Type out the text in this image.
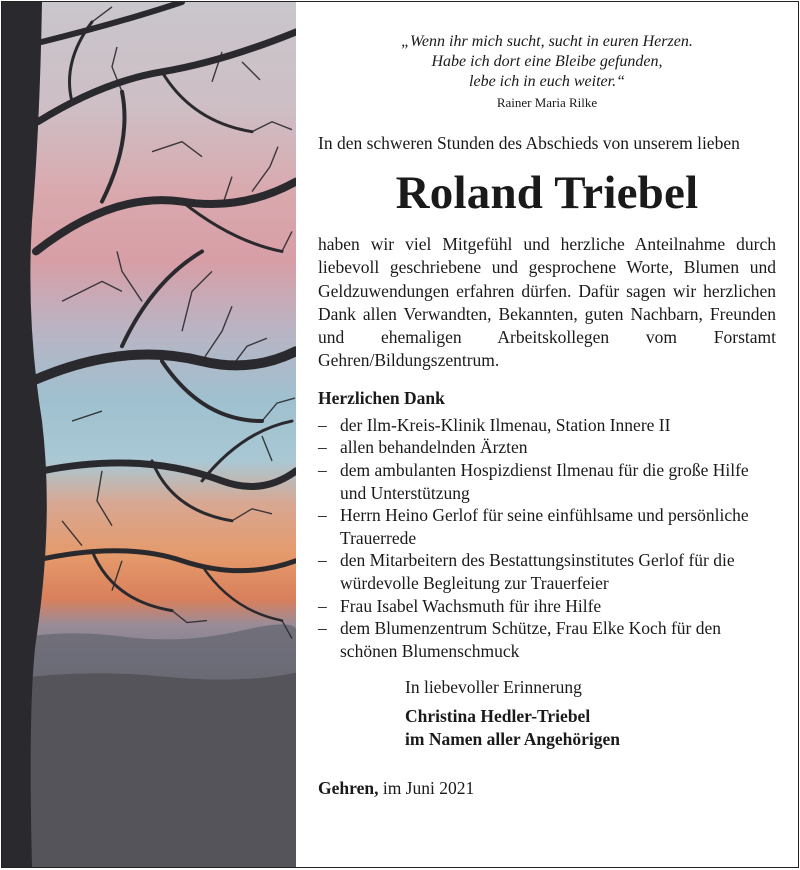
„Wenn ihr mich sucht, sucht in euren Herzen.
Habe ich dort eine Bleibe gefunden,
lebe ich in euch weiter.“
Rainer Maria Rilke
In den schweren Stunden des Abschieds von unserem lieben
Roland Triebel
haben wir viel Mitgefühl und herzliche Anteilnahme durch liebevoll geschriebene und gesprochene Worte, Blumen und Geldzuwendungen erfahren dürfen. Dafür sagen wir herzlichen Dank allen Verwandten, Bekannten, guten Nachbarn, Freunden und ehemaligen Arbeitskollegen vom Forstamt Gehren/Bildungszentrum.
Herzlichen Dank
– der Ilm-Kreis-Klinik Ilmenau, Station Innere II
– allen behandelnden Ärzten
– dem ambulanten Hospizdienst Ilmenau für die große Hilfe und Unterstützung
– Herrn Heino Gerlof für seine einfühlsame und persönliche Trauerrede
– den Mitarbeitern des Bestattungsinstitutes Gerlof für die würdevolle Begleitung zur Trauerfeier
– Frau Isabel Wachsmuth für ihre Hilfe
– dem Blumenzentrum Schütze, Frau Elke Koch für den schönen Blumenschmuck
In liebevoller Erinnerung
Christina Hedler-Triebel
im Namen aller Angehörigen
Gehren, im Juni 2021
